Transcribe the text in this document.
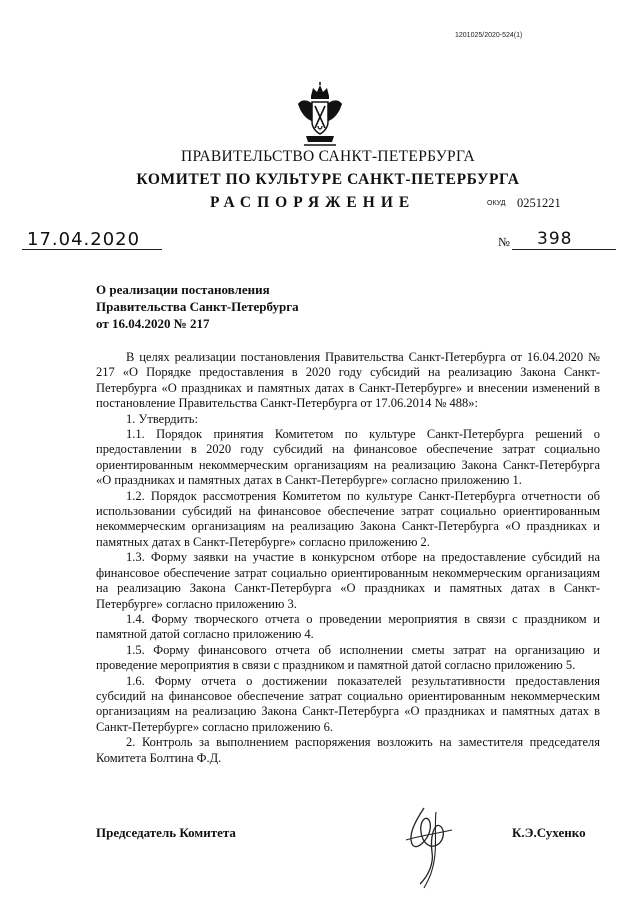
1201025/2020-524(1)
ПРАВИТЕЛЬСТВО САНКТ-ПЕТЕРБУРГА
КОМИТЕТ ПО КУЛЬТУРЕ САНКТ-ПЕТЕРБУРГА
РАСПОРЯЖЕНИЕ	ОКУД 0251221
17.04.2020	№ 398
О реализации постановления
Правительства Санкт-Петербурга
от 16.04.2020 № 217

В целях реализации постановления Правительства Санкт-Петербурга от 16.04.2020 № 217 «О Порядке предоставления в 2020 году субсидий на реализацию Закона Санкт-Петербурга «О праздниках и памятных датах в Санкт-Петербурге» и внесении изменений в постановление Правительства Санкт-Петербурга от 17.06.2014 № 488»:

1. Утвердить:

1.1. Порядок принятия Комитетом по культуре Санкт-Петербурга решений о предоставлении в 2020 году субсидий на финансовое обеспечение затрат социально ориентированным некоммерческим организациям на реализацию Закона Санкт-Петербурга «О праздниках и памятных датах в Санкт-Петербурге» согласно приложению 1.

1.2. Порядок рассмотрения Комитетом по культуре Санкт-Петербурга отчетности об использовании субсидий на финансовое обеспечение затрат социально ориентированным некоммерческим организациям на реализацию Закона Санкт-Петербурга «О праздниках и памятных датах в Санкт-Петербурге» согласно приложению 2.

1.3. Форму заявки на участие в конкурсном отборе на предоставление субсидий на финансовое обеспечение затрат социально ориентированным некоммерческим организациям на реализацию Закона Санкт-Петербурга «О праздниках и памятных датах в Санкт-Петербурге» согласно приложению 3.

1.4. Форму творческого отчета о проведении мероприятия в связи с праздником и памятной датой согласно приложению 4.

1.5. Форму финансового отчета об исполнении сметы затрат на организацию и проведение мероприятия в связи с праздником и памятной датой согласно приложению 5.

1.6. Форму отчета о достижении показателей результативности предоставления субсидий на финансовое обеспечение затрат социально ориентированным некоммерческим организациям на реализацию Закона Санкт-Петербурга «О праздниках и памятных датах в Санкт-Петербурге» согласно приложению 6.

2. Контроль за выполнением распоряжения возложить на заместителя председателя Комитета Болтина Ф.Д.

Председатель Комитета	К.Э.Сухенко
